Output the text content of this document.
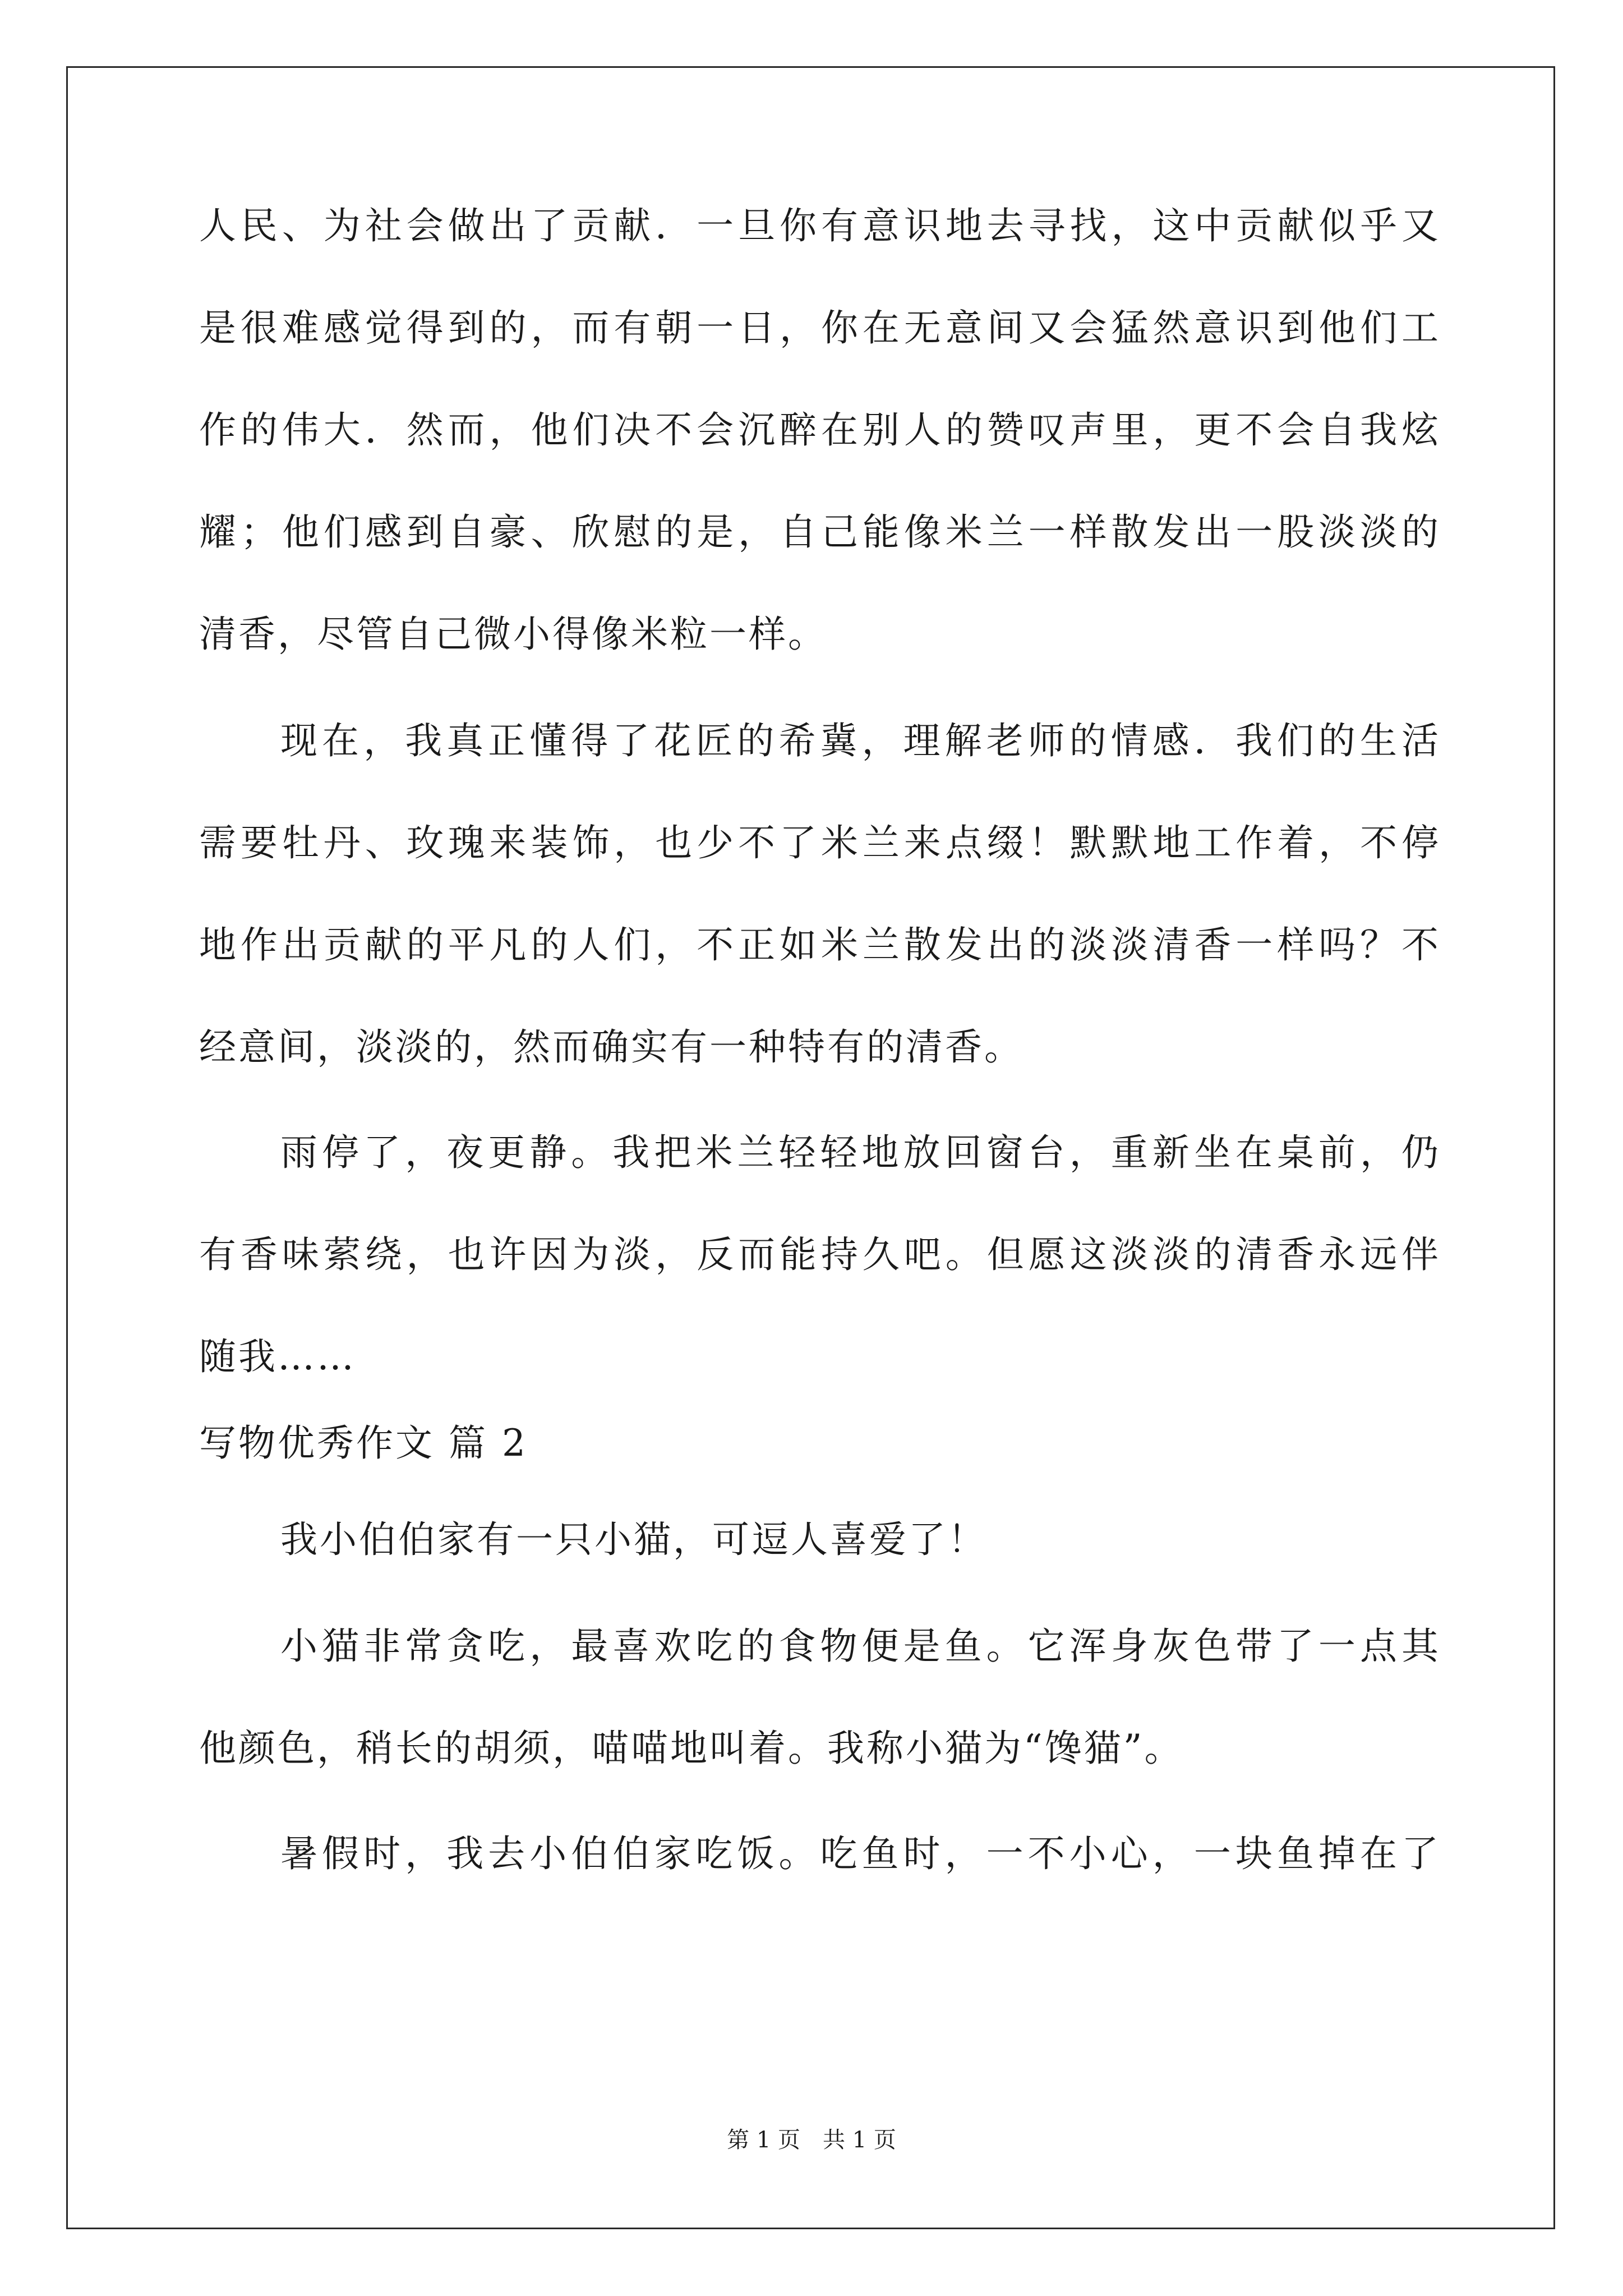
人民、为社会做出了贡献．一旦你有意识地去寻找，这中贡献似乎又
是很难感觉得到的，而有朝一日，你在无意间又会猛然意识到他们工
作的伟大．然而，他们决不会沉醉在别人的赞叹声里，更不会自我炫
耀；他们感到自豪、欣慰的是，自己能像米兰一样散发出一股淡淡的
清香，尽管自己微小得像米粒一样。
现在，我真正懂得了花匠的希冀，理解老师的情感．我们的生活
需要牡丹、玫瑰来装饰，也少不了米兰来点缀！默默地工作着，不停
地作出贡献的平凡的人们，不正如米兰散发出的淡淡清香一样吗？不
经意间，淡淡的，然而确实有一种特有的清香。
雨停了，夜更静。我把米兰轻轻地放回窗台，重新坐在桌前，仍
有香味萦绕，也许因为淡，反而能持久吧。但愿这淡淡的清香永远伴
随我……
写物优秀作文 篇 2
我小伯伯家有一只小猫，可逗人喜爱了！
小猫非常贪吃，最喜欢吃的食物便是鱼。它浑身灰色带了一点其
他颜色，稍长的胡须，喵喵地叫着。我称小猫为“馋猫”。
暑假时，我去小伯伯家吃饭。吃鱼时，一不小心，一块鱼掉在了
第 1 页　共 1 页
